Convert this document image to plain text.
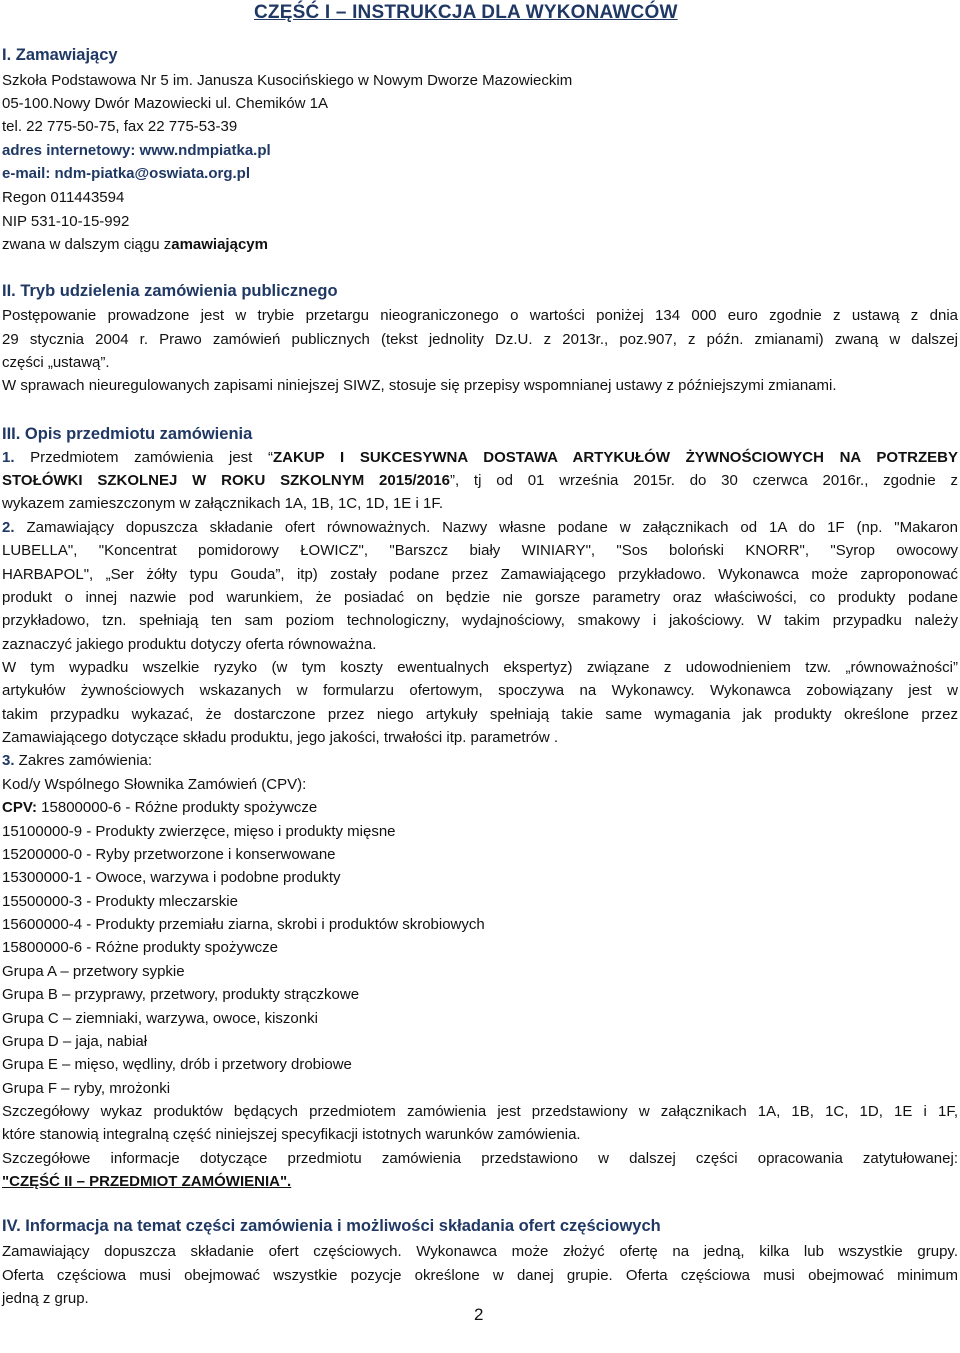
CZĘŚĆ I – INSTRUKCJA DLA WYKONAWCÓW
I. Zamawiający
Szkoła Podstawowa Nr 5 im. Janusza Kusocińskiego w Nowym Dworze Mazowieckim
05-100.Nowy Dwór Mazowiecki ul. Chemików 1A
tel. 22 775-50-75, fax 22 775-53-39
adres internetowy: www.ndmpiatka.pl
e-mail: ndm-piatka@oswiata.org.pl
Regon 011443594
NIP 531-10-15-992
zwana w dalszym ciągu zamawiającym
II. Tryb udzielenia zamówienia publicznego
Postępowanie prowadzone jest w trybie przetargu nieograniczonego o wartości poniżej 134 000 euro zgodnie z ustawą z dnia
29 stycznia 2004 r. Prawo zamówień publicznych (tekst jednolity Dz.U. z 2013r., poz.907, z późn. zmianami) zwaną w dalszej
części „ustawą”.
W sprawach nieuregulowanych zapisami niniejszej SIWZ, stosuje się przepisy wspomnianej ustawy z późniejszymi zmianami.
III. Opis przedmiotu zamówienia
1. Przedmiotem zamówienia jest “ZAKUP I SUKCESYWNA DOSTAWA ARTYKUŁÓW ŻYWNOŚCIOWYCH NA POTRZEBY
STOŁÓWKI SZKOLNEJ W ROKU SZKOLNYM 2015/2016”, tj od 01 września 2015r. do 30 czerwca 2016r., zgodnie z
wykazem zamieszczonym w załącznikach 1A, 1B, 1C, 1D, 1E i 1F.
2. Zamawiający dopuszcza składanie ofert równoważnych. Nazwy własne podane w załącznikach od 1A do 1F (np. "Makaron
LUBELLA", "Koncentrat pomidorowy ŁOWICZ", "Barszcz biały WINIARY", "Sos boloński KNORR", "Syrop owocowy
HARBAPOL", „Ser żółty typu Gouda”, itp) zostały podane przez Zamawiającego przykładowo. Wykonawca może zaproponować
produkt o innej nazwie pod warunkiem, że posiadać on będzie nie gorsze parametry oraz właściwości, co produkty podane
przykładowo, tzn. spełniają ten sam poziom technologiczny, wydajnościowy, smakowy i jakościowy. W takim przypadku należy
zaznaczyć jakiego produktu dotyczy oferta równoważna.
W tym wypadku wszelkie ryzyko (w tym koszty ewentualnych ekspertyz) związane z udowodnieniem tzw. „równoważności”
artykułów żywnościowych wskazanych w formularzu ofertowym, spoczywa na Wykonawcy. Wykonawca zobowiązany jest w
takim przypadku wykazać, że dostarczone przez niego artykuły spełniają takie same wymagania jak produkty określone przez
Zamawiającego dotyczące składu produktu, jego jakości, trwałości itp. parametrów .
3. Zakres zamówienia:
Kod/y Wspólnego Słownika Zamówień (CPV):
CPV: 15800000-6 - Różne produkty spożywcze
15100000-9 - Produkty zwierzęce, mięso i produkty mięsne
15200000-0 - Ryby przetworzone i konserwowane
15300000-1 - Owoce, warzywa i podobne produkty
15500000-3 - Produkty mleczarskie
15600000-4 - Produkty przemiału ziarna, skrobi i produktów skrobiowych
15800000-6 - Różne produkty spożywcze
Grupa A – przetwory sypkie
Grupa B – przyprawy, przetwory, produkty strączkowe
Grupa C – ziemniaki, warzywa, owoce, kiszonki
Grupa D – jaja, nabiał
Grupa E – mięso, wędliny, drób i przetwory drobiowe
Grupa F – ryby, mrożonki
Szczegółowy wykaz produktów będących przedmiotem zamówienia jest przedstawiony w załącznikach 1A, 1B, 1C, 1D, 1E i 1F,
które stanowią integralną część niniejszej specyfikacji istotnych warunków zamówienia.
Szczegółowe informacje dotyczące przedmiotu zamówienia przedstawiono w dalszej części opracowania zatytułowanej:
"CZĘŚĆ II – PRZEDMIOT ZAMÓWIENIA".
IV. Informacja na temat części zamówienia i możliwości składania ofert częściowych
Zamawiający dopuszcza składanie ofert częściowych. Wykonawca może złożyć ofertę na jedną, kilka lub wszystkie grupy.
Oferta częściowa musi obejmować wszystkie pozycje określone w danej grupie. Oferta częściowa musi obejmować minimum
jedną z grup.
2
